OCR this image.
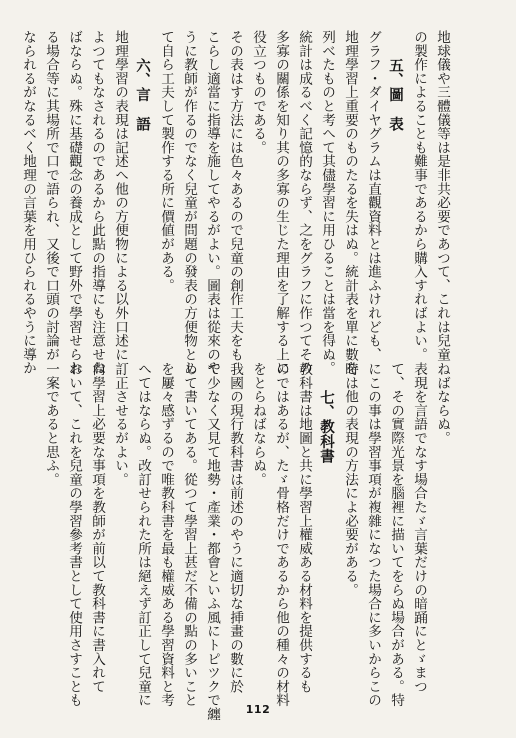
地球儀や三體儀等は是非共必要であつて、これは兒童
の製作によることも難事であるから購入すればよい。
五、圖　表
グラフ・ダイヤグラムは直觀資料とは進ふけれども、
地理學習上重要のものたるを失はぬ。統計表を單に數を
列べたものと考へて其儘學習に用ひることは當を得ぬ。
統計は成るべく記憶的ならず、之をグラフに作つてその
多寡の關係を知り其の多寡の生じた理由を了解する上に
役立つものである。
その表はす方法には色々あるので兒童の創作工夫をも
こらし適當に指導を施してやるがよい。圖表は從來のや
うに教師が作るのでなく兒童が問題の發表の方便物とし
て自ら工夫して製作する所に價値がある。
六、言　語
地理學習の表現は記述へ他の方便物による以外口述に
よつてもなされるのであるから此點の指導にも注意せね
ばならぬ。殊に基礎觀念の養成として野外で學習せられ
る場合等に其場所で口で語られ、又後で口頭の討論が
なられるがなるべく地理の言葉を用ひられるやうに導か
ねばならぬ。
表現を言語でなす場合たゞ言葉だけの暗踊にとゞまつ
て、その實際光景を腦裡に描いてをらぬ場合がある。特
にこの事は學習事項が複雜になつた場合に多いからこの
時は他の表現の方法によ必要がある。
七、教科書
教科書は地圖と共に學習上權威ある材料を提供するも
のではあるが、たゞ骨格だけであるから他の種々の材料
をとらねばならぬ。
我國の現行教科書は前述のやうに適切な挿畫の數に於
て少なく又見て地勢・產業・都會といふ風にトピツクで纏
めて書いてある。從つて學習上甚だ不備の點の多いこと
を屢々感ずるので唯教科書を最も權威ある學習資料と考
へてはならぬ。改訂せられた所は絕えず訂正して兒童に
訂正させるがよい。
尙學習上必要な事項を教師が前以て教科書に書入れて
おいて、これを兒童の學習參考書として使用さすことも
一案であると思ふ。
112
